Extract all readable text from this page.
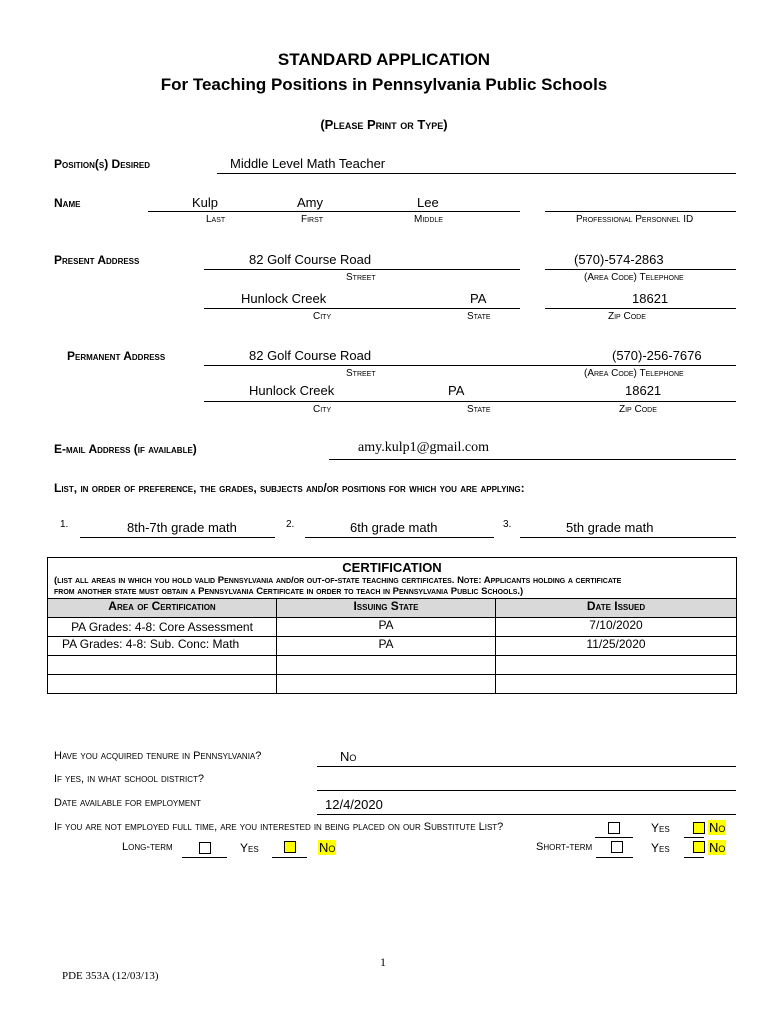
STANDARD APPLICATION
For Teaching Positions in Pennsylvania Public Schools
(Please Print or Type)
Position(s) Desired	Middle Level Math Teacher
Name	Kulp	Amy	Lee
Last	First	Middle	Professional Personnel ID
Present Address	82 Golf Course Road	(570)-574-2863
Street	(Area Code) Telephone
Hunlock Creek	PA	18621
City	State	Zip Code
Permanent Address	82 Golf Course Road	(570)-256-7676
Street	(Area Code) Telephone
Hunlock Creek	PA	18621
City	State	Zip Code
E-mail Address (if available)	amy.kulp1@gmail.com
List, in order of preference, the grades, subjects and/or positions for which you are applying:
1.	8th-7th grade math	2.	6th grade math	3.	5th grade math
CERTIFICATION
(list all areas in which you hold valid Pennsylvania and/or out-of-state teaching certificates. Note: Applicants holding a certificate
from another state must obtain a Pennsylvania Certificate in order to teach in Pennsylvania Public Schools.)		

Area of Certification	Issuing State	Date Issued
PA Grades: 4-8: Core Assessment	PA	7/10/2020
PA Grades: 4-8: Sub. Conc: Math	PA	11/25/2020

Have you acquired tenure in Pennsylvania?	No
If yes, in what school district?
Date available for employment	12/4/2020
If you are not employed full time, are you interested in being placed on our Substitute List?	Yes	No
Long-term	Yes	No	Short-term	Yes	No
1
PDE 353A (12/03/13)
